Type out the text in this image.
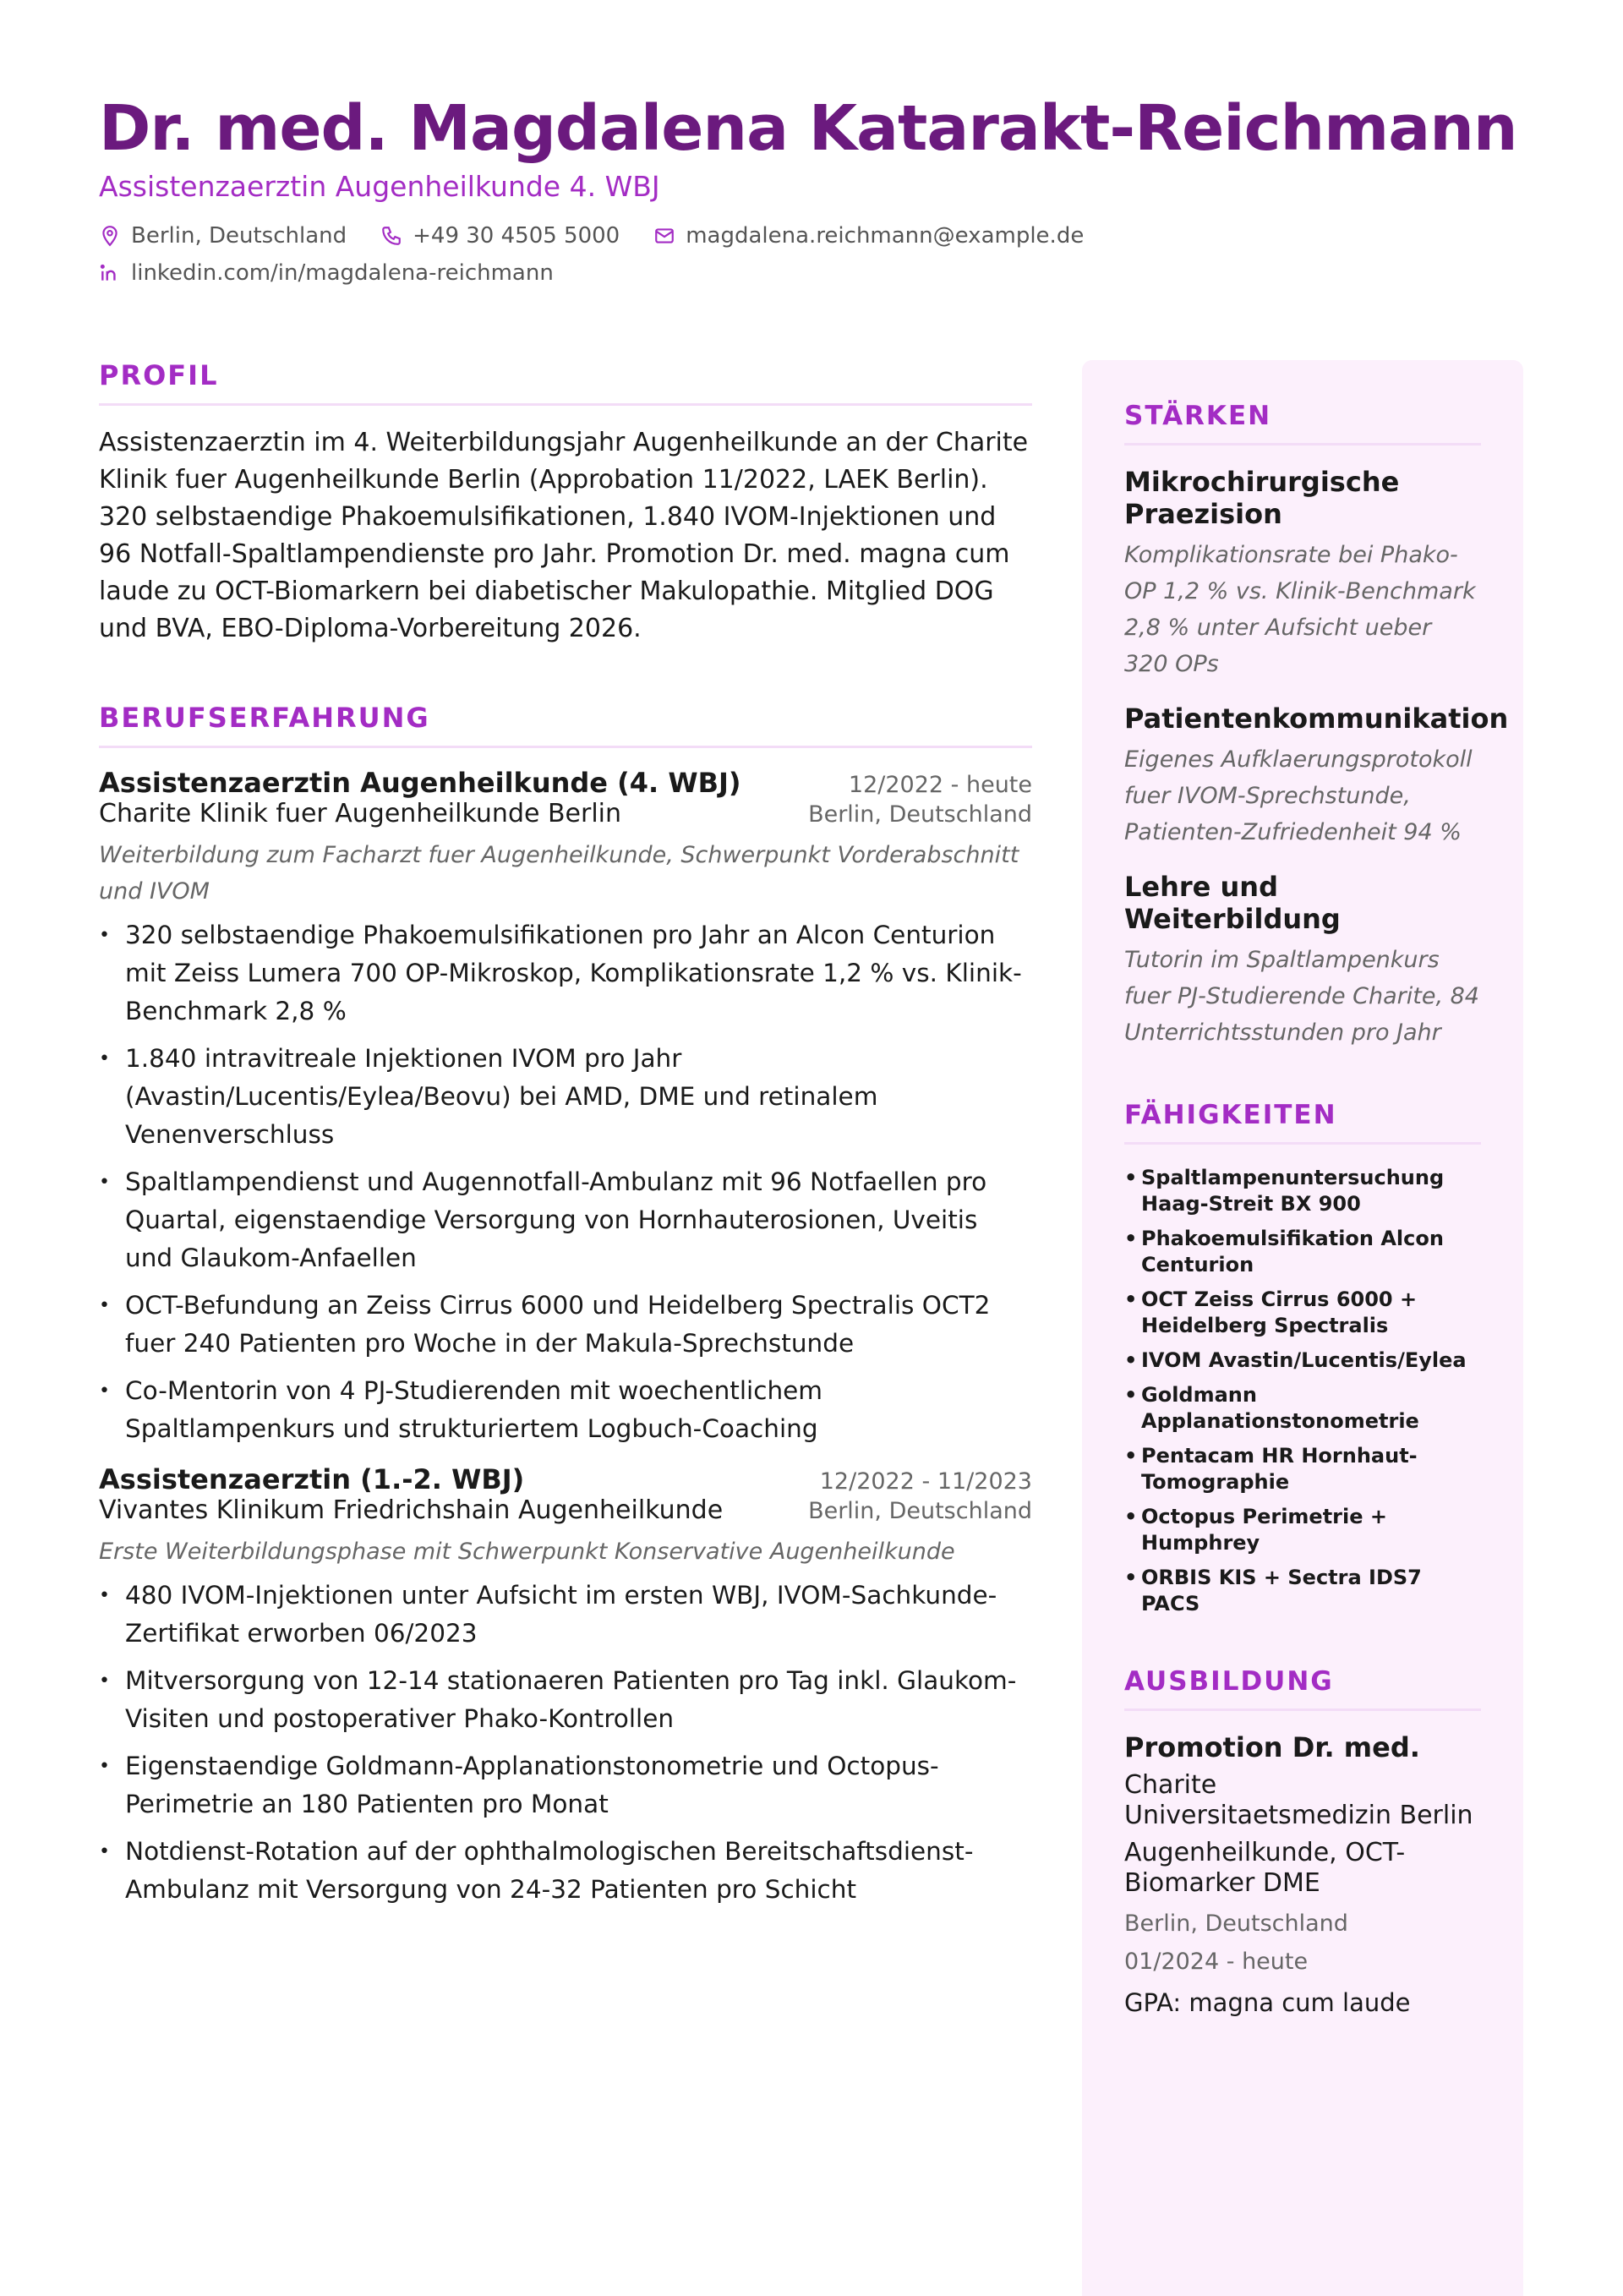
Dr. med. Magdalena Katarakt-Reichmann
Assistenzaerztin Augenheilkunde 4. WBJ
Berlin, Deutschland	+49 30 4505 5000	magdalena.reichmann@example.de
linkedin.com/in/magdalena-reichmann
PROFIL

Assistenzaerztin im 4. Weiterbildungsjahr Augenheilkunde an der Charite Klinik fuer Augenheilkunde Berlin (Approbation 11/2022, LAEK Berlin). 320 selbstaendige Phakoemulsifikationen, 1.840 IVOM-Injektionen und 96 Notfall-Spaltlampendienste pro Jahr. Promotion Dr. med. magna cum laude zu OCT-Biomarkern bei diabetischer Makulopathie. Mitglied DOG und BVA, EBO-Diploma-Vorbereitung 2026.

BERUFSERFAHRUNG
Assistenzaerztin Augenheilkunde (4. WBJ)	12/2022 - heute
Charite Klinik fuer Augenheilkunde Berlin	Berlin, Deutschland
Weiterbildung zum Facharzt fuer Augenheilkunde, Schwerpunkt Vorderabschnitt und IVOM
• 320 selbstaendige Phakoemulsifikationen pro Jahr an Alcon Centurion mit Zeiss Lumera 700 OP-Mikroskop, Komplikationsrate 1,2 % vs. Klinik-Benchmark 2,8 %
• 1.840 intravitreale Injektionen IVOM pro Jahr (Avastin/Lucentis/Eylea/Beovu) bei AMD, DME und retinalem Venenverschluss
• Spaltlampendienst und Augennotfall-Ambulanz mit 96 Notfaellen pro Quartal, eigenstaendige Versorgung von Hornhauterosionen, Uveitis und Glaukom-Anfaellen
• OCT-Befundung an Zeiss Cirrus 6000 und Heidelberg Spectralis OCT2 fuer 240 Patienten pro Woche in der Makula-Sprechstunde
• Co-Mentorin von 4 PJ-Studierenden mit woechentlichem Spaltlampenkurs und strukturiertem Logbuch-Coaching
Assistenzaerztin (1.-2. WBJ)	12/2022 - 11/2023
Vivantes Klinikum Friedrichshain Augenheilkunde	Berlin, Deutschland
Erste Weiterbildungsphase mit Schwerpunkt Konservative Augenheilkunde
• 480 IVOM-Injektionen unter Aufsicht im ersten WBJ, IVOM-Sachkunde-Zertifikat erworben 06/2023
• Mitversorgung von 12-14 stationaeren Patienten pro Tag inkl. Glaukom-Visiten und postoperativer Phako-Kontrollen
• Eigenstaendige Goldmann-Applanationstonometrie und Octopus-Perimetrie an 180 Patienten pro Monat
• Notdienst-Rotation auf der ophthalmologischen Bereitschaftsdienst-Ambulanz mit Versorgung von 24-32 Patienten pro Schicht
STÄRKEN
Mikrochirurgische Praezision
Komplikationsrate bei Phako-OP 1,2 % vs. Klinik-Benchmark 2,8 % unter Aufsicht ueber 320 OPs
Patientenkommunikation
Eigenes Aufklaerungsprotokoll fuer IVOM-Sprechstunde, Patienten-Zufriedenheit 94 %
Lehre und Weiterbildung
Tutorin im Spaltlampenkurs fuer PJ-Studierende Charite, 84 Unterrichtsstunden pro Jahr
FÄHIGKEITEN
• Spaltlampenuntersuchung Haag-Streit BX 900
• Phakoemulsifikation Alcon Centurion
• OCT Zeiss Cirrus 6000 + Heidelberg Spectralis
• IVOM Avastin/Lucentis/Eylea
• Goldmann Applanationstonometrie
• Pentacam HR Hornhaut-Tomographie
• Octopus Perimetrie + Humphrey
• ORBIS KIS + Sectra IDS7 PACS
AUSBILDUNG
Promotion Dr. med.
Charite Universitaetsmedizin Berlin
Augenheilkunde, OCT-Biomarker DME
Berlin, Deutschland
01/2024 - heute
GPA: magna cum laude
